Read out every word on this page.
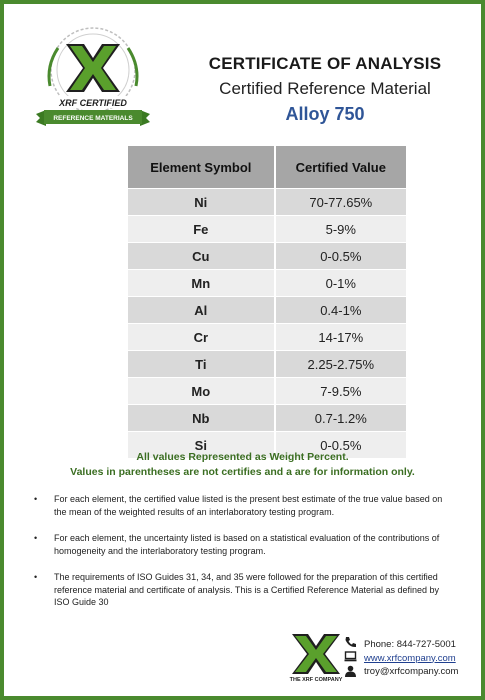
XRF CERTIFIED
REFERENCE MATERIALS
CERTIFICATE OF ANALYSIS
Certified Reference Material
Alloy 750
Element Symbol	Certified Value
Ni	70-77.65%
Fe	5-9%
Cu	0-0.5%
Mn	0-1%
Al	0.4-1%
Cr	14-17%
Ti	2.25-2.75%
Mo	7-9.5%
Nb	0.7-1.2%
Si	0-0.5%
All values Represented as Weight Percent.
Values in parentheses are not certifies and a are for information only.
• For each element, the certified value listed is the present best estimate of the true value based on the mean of the weighted results of an interlaboratory testing program.
• For each element, the uncertainty listed is based on a statistical evaluation of the contributions of homogeneity and the interlaboratory testing program.
• The requirements of ISO Guides 31, 34, and 35 were followed for the preparation of this certified reference material and certificate of analysis. This is a Certified Reference Material as defined by ISO Guide 30
THE XRF COMPANY
Phone: 844-727-5001
www.xrfcompany.com
troy@xrfcompany.com
